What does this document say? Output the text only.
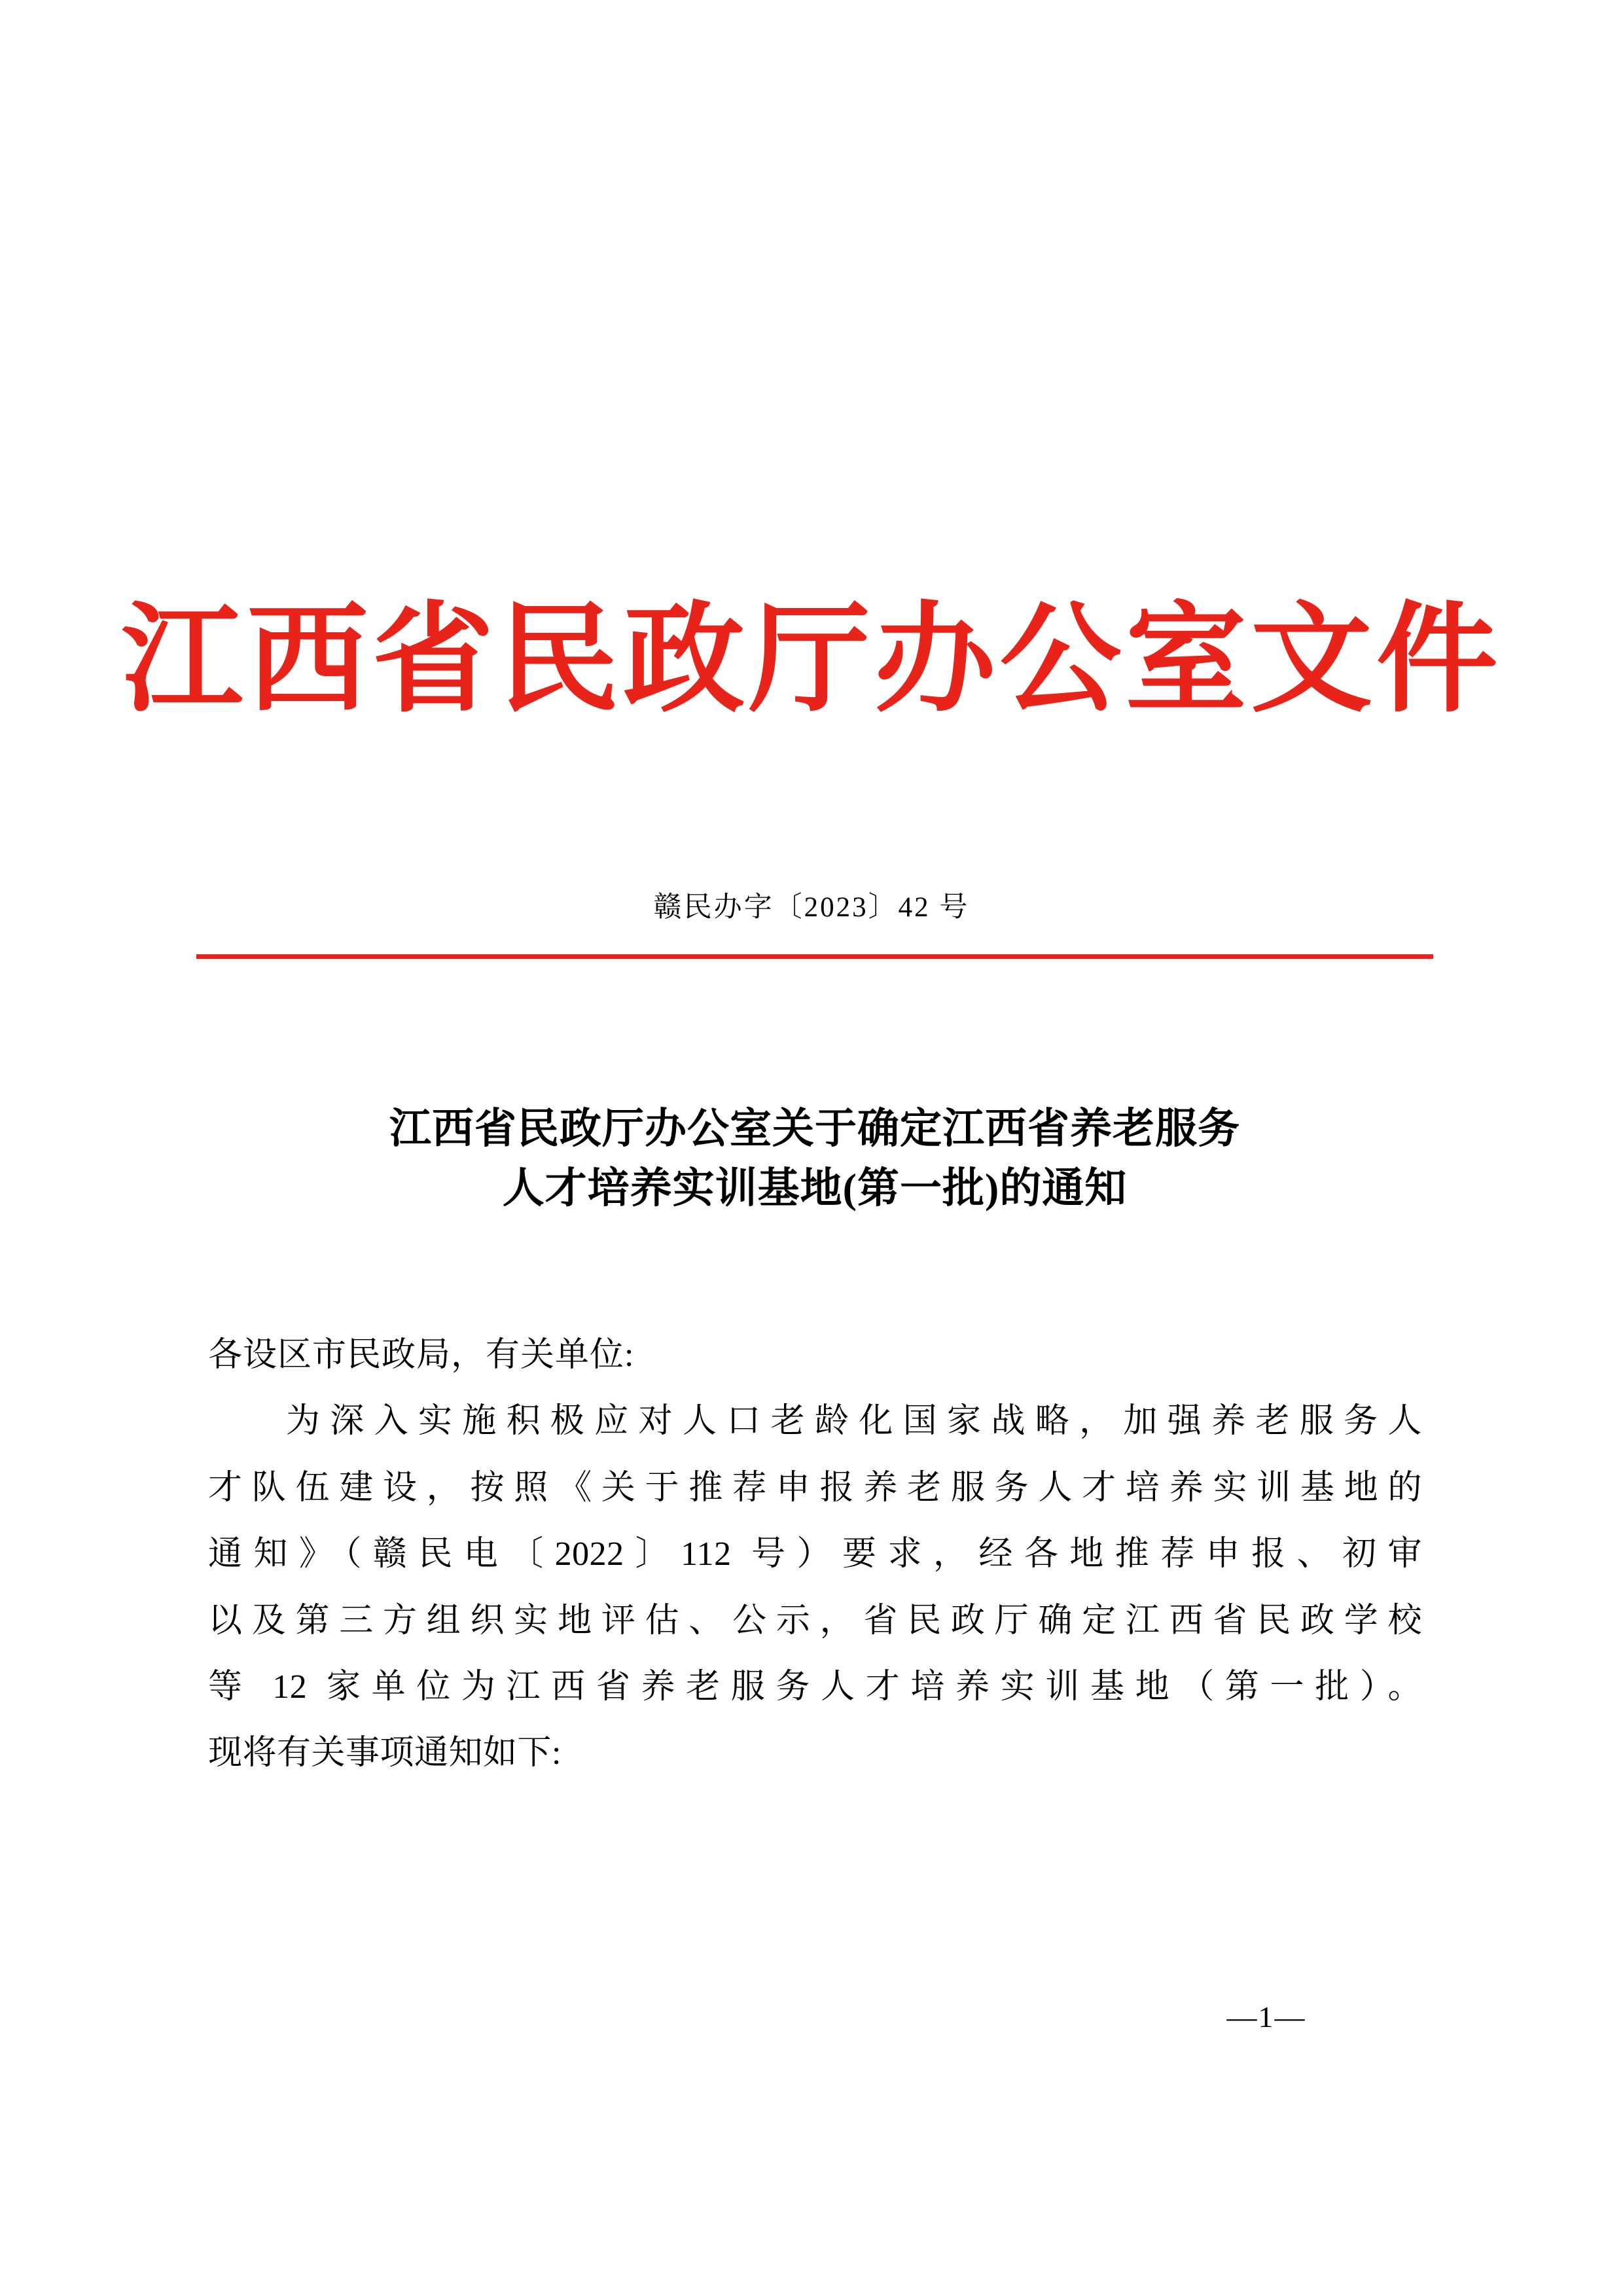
江西省民政厅办公室文件
赣民办字〔2023〕42 号
江西省民政厅办公室关于确定江西省养老服务
人才培养实训基地(第一批)的通知
各设区市民政局，有关单位:
为深入实施积极应对人口老龄化国家战略，加强养老服务人
才队伍建设，按照《关于推荐申报养老服务人才培养实训基地的
通知》（赣民电〔2022〕112 号）要求，经各地推荐申报、初审
以及第三方组织实地评估、公示，省民政厅确定江西省民政学校
等 12 家单位为江西省养老服务人才培养实训基地（第一批）。
现将有关事项通知如下:
—1—
